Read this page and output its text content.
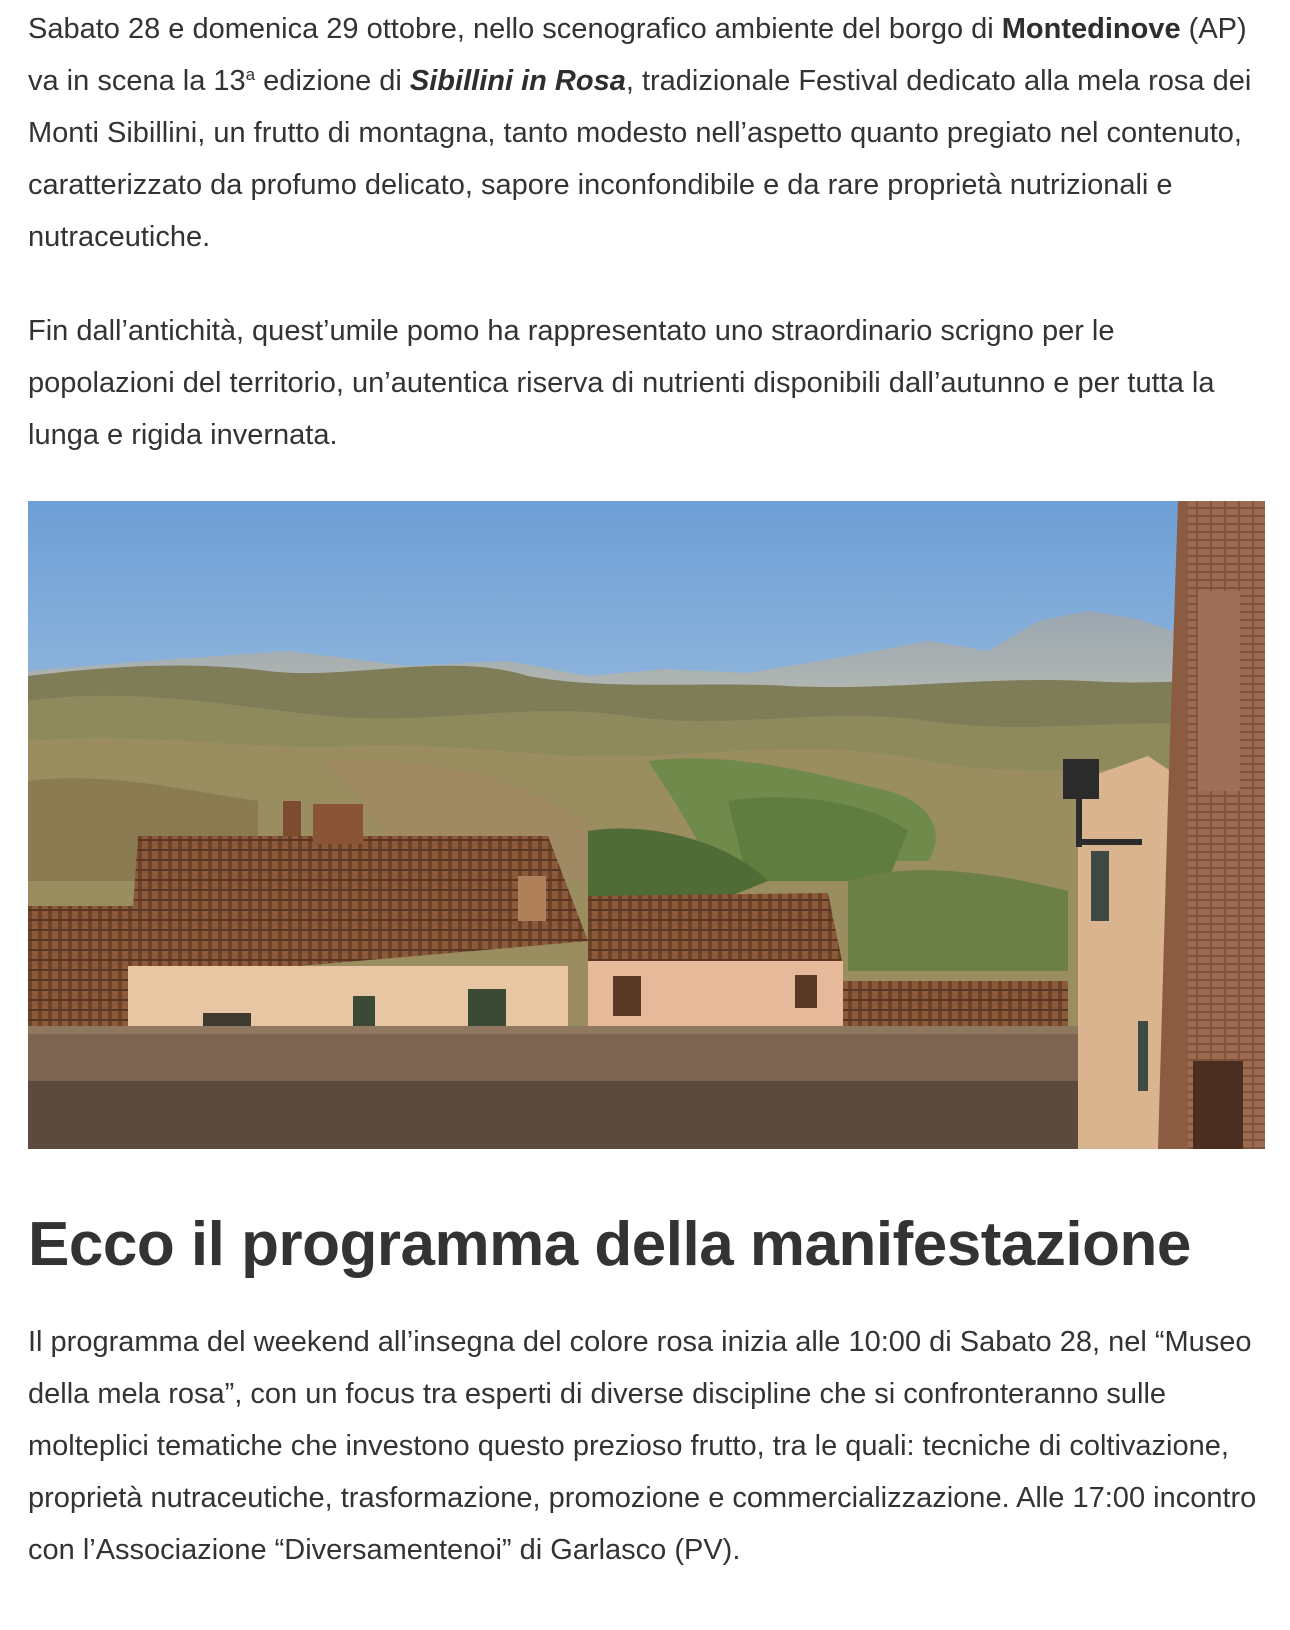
Sabato 28 e domenica 29 ottobre, nello scenografico ambiente del borgo di Montedinove (AP) va in scena la 13$^a$ edizione di Sibillini in Rosa, tradizionale Festival dedicato alla mela rosa dei Monti Sibillini, un frutto di montagna, tanto modesto nell’aspetto quanto pregiato nel contenuto, caratterizzato da profumo delicato, sapore inconfondibile e da rare proprietà nutrizionali e nutraceutiche.

Fin dall’antichità, quest’umile pomo ha rappresentato uno straordinario scrigno per le popolazioni del territorio, un’autentica riserva di nutrienti disponibili dall’autunno e per tutta la lunga e rigida invernata.

Ecco il programma della manifestazione

Il programma del weekend all’insegna del colore rosa inizia alle 10:00 di Sabato 28, nel “Museo della mela rosa”, con un focus tra esperti di diverse discipline che si confronteranno sulle molteplici tematiche che investono questo prezioso frutto, tra le quali: tecniche di coltivazione, proprietà nutraceutiche, trasformazione, promozione e commercializzazione. Alle 17:00 incontro con l’Associazione “Diversamentenoi” di Garlasco (PV).
